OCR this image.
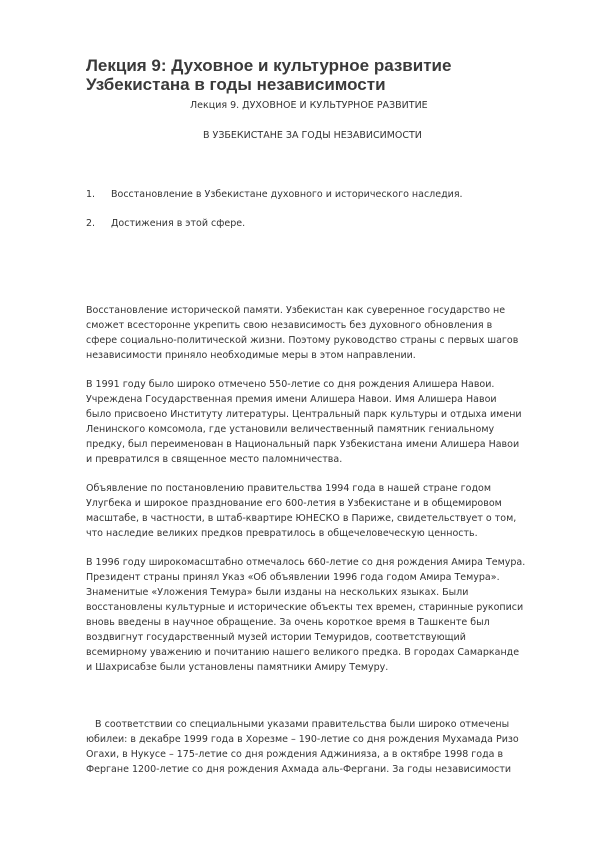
Лекция 9: Духовное и культурное развитие
Узбекистана в годы независимости
Лекция 9. ДУХОВНОЕ И КУЛЬТУРНОЕ РАЗВИТИЕ
В УЗБЕКИСТАНЕ ЗА ГОДЫ НЕЗАВИСИМОСТИ
1. Восстановление в Узбекистане духовного и исторического наследия.
2. Достижения в этой сфере.
Восстановление исторической памяти. Узбекистан как суверенное государство не
сможет всесторонне укрепить свою независимость без духовного обновления в
сфере социально-политической жизни. Поэтому руководство страны с первых шагов
независимости приняло необходимые меры в этом направлении.
В 1991 году было широко отмечено 550-летие со дня рождения Алишера Навои.
Учреждена Государственная премия имени Алишера Навои. Имя Алишера Навои
было присвоено Институту литературы. Центральный парк культуры и отдыха имени
Ленинского комсомола, где установили величественный памятник гениальному
предку, был переименован в Национальный парк Узбекистана имени Алишера Навои
и превратился в священное место паломничества.
Объявление по постановлению правительства 1994 года в нашей стране годом
Улугбека и широкое празднование его 600-летия в Узбекистане и в общемировом
масштабе, в частности, в штаб-квартире ЮНЕСКО в Париже, свидетельствует о том,
что наследие великих предков превратилось в общечеловеческую ценность.
В 1996 году широкомасштабно отмечалось 660-летие со дня рождения Амира Темура.
Президент страны принял Указ «Об объявлении 1996 года годом Амира Темура».
Знаменитые «Уложения Темура» были изданы на нескольких языках. Были
восстановлены культурные и исторические объекты тех времен, старинные рукописи
вновь введены в научное обращение. За очень короткое время в Ташкенте был
воздвигнут государственный музей истории Темуридов, соответствующий
всемирному уважению и почитанию нашего великого предка. В городах Самарканде
и Шахрисабзе были установлены памятники Амиру Темуру.
В соответствии со специальными указами правительства были широко отмечены
юбилеи: в декабре 1999 года в Хорезме – 190-летие со дня рождения Мухамада Ризо
Огахи, в Нукусе – 175-летие со дня рождения Аджинияза, а в октябре 1998 года в
Фергане 1200-летие со дня рождения Ахмада аль-Фергани. За годы независимости
